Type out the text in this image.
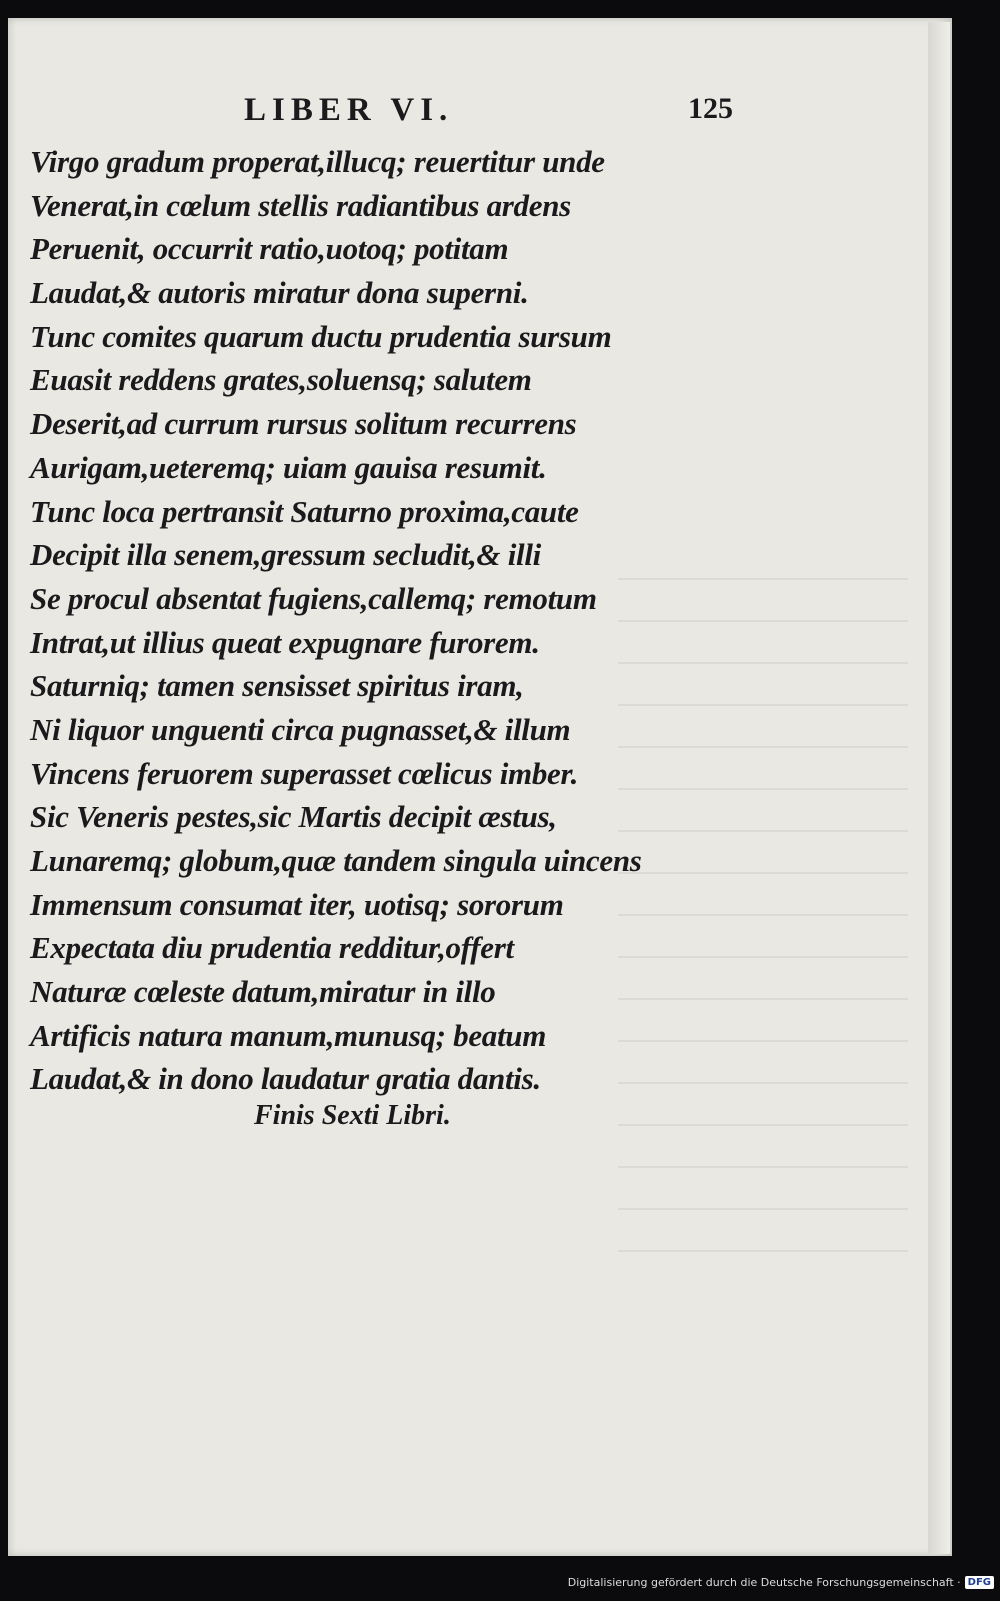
LIBER VI.	125
Virgo gradum properat,illucq; reuertitur unde
Venerat,in cœlum stellis radiantibus ardens
Peruenit, occurrit ratio,uotoq; potitam
Laudat,& autoris miratur dona superni.
Tunc comites quarum ductu prudentia sursum
Euasit reddens grates,soluensq; salutem
Deserit,ad currum rursus solitum recurrens
Aurigam,ueteremq; uiam gauisa resumit.
Tunc loca pertransit Saturno proxima,caute
Decipit illa senem,gressum secludit,& illi
Se procul absentat fugiens,callemq; remotum
Intrat,ut illius queat expugnare furorem.
Saturniq; tamen sensisset spiritus iram,
Ni liquor unguenti circa pugnasset,& illum
Vincens feruorem superasset cœlicus imber.
Sic Veneris pestes,sic Martis decipit æstus,
Lunaremq; globum,quæ tandem singula uincens
Immensum consumat iter, uotisq; sororum
Expectata diu prudentia redditur,offert
Naturæ cœleste datum,miratur in illo
Artificis natura manum,munusq; beatum
Laudat,& in dono laudatur gratia dantis.
Finis Sexti Libri.
Digitalisierung gefördert durch die Deutsche Forschungsgemeinschaft · DFG
